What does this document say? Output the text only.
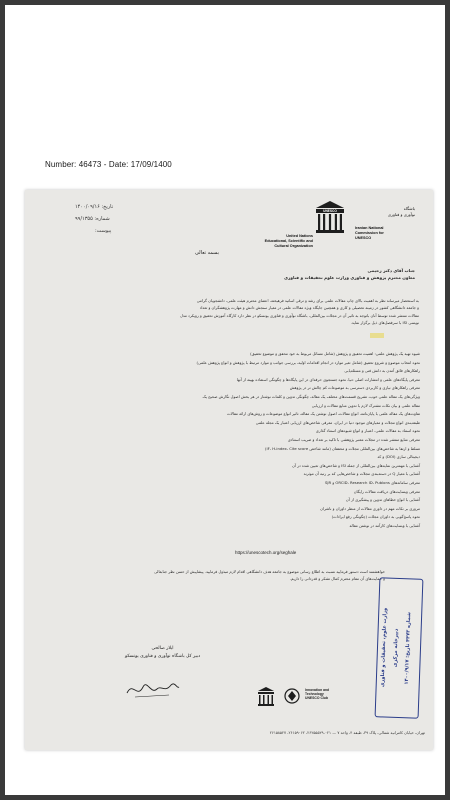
Number: 46473 - Date: 17/09/1400
تاریخ: ۱۴۰۰/۰۹/۱۶
شماره: ۹۹/۱۳۵۵
پیوست:
UNESCO
United Nations
Educational, Scientific and
Cultural Organization
باشگاه
نوآوری و فناوری
Iranian National
Commission for
UNESCO
بسمه تعالی
جناب آقای دکتر رحیمی
معاون محترم پژوهش و فناوری وزارت علوم تحقیقات و فناوری

به استحضار میرساند نظر به اهمیت بالای چاپ مقالات علمی برای رشد و ترقی اساتید فرهیخته، اعضای محترم هیئت علمی، دانشجویان گرامی
و جامعه دانشگاهی کشور در زمینه تحصیلی و کاری و همچنین جایگاه ویژه مقالات علمی در معیار سنجش دانش و مهارت پژوهشگران و تعداد
مقالات منتشر شده توسط آنان باتوجه به تاثیر آن در مجلات بین‌المللی، باشگاه نوآوری و فناوری یونسکو در نظر دارد کارگاه آموزش تحقیق و رویکرد مدل
نویسی ISI با سرفصل‌های ذیل برگزار نماید.

شیوه تهیه یک پژوهش علمی: اهمیت تحقیق و پژوهش (شامل مسائل مربوط به خود محقق و موضوع تحقیق)
نحوه انتخاب موضوع و شروع تحقیق (شامل تعیر موارد در انجام اقدامات اولیه، بررسی جوانب و موارد مرتبط با پژوهش و انواع پژوهش علمی)
راهکارهای فائق آمدن به دانش فنی و مسئله‌یابی
معرفی پایگاه‌های علمی و انتشارات اصلی دنیا، نحوه جستجوی حرفه‌ای در این پایگاه‌ها و چگونگی استفاده بهینه از آنها
معرفی راهکارهای نیازی و کاربردی دسترسی به موضوعات کم چالش تر در پژوهش
ویژگی‌های یک مقاله علمی خوب، تشریح قسمت‌های مختلف یک مقاله، چگونگی تدوین و کلمات نوشتار در هر بخش اصول نگارش صحیح یک
مقاله علمی و بیان نکات مشترک لازم با تدوین منابع مقالات و ارزیابی
تفاوت‌های یک مقاله علمی با پایان‌نامه، انواع مقالات، اصول نوشتن یک مقاله، تاثیر انواع موضوعات و روش‌های ارائه مقالات
طبقه‌بندی انواع مجلات و معیارهای موجود دنیا در ایران، معرفی شاخص‌های ارزیابی اعتبار یک مجله علمی
نحوه استناد به مقالات علمی، اعتبار و انواع شیوه‌های استناد گذاری
معرفی منابع منتشر شده در مجلات معتبر پژوهشی با تاکید بر تعداد و ضریب استنادی
تسلط و ارتقا به شاخص‌های بین‌المللی مجلات و محققان (مانند شاخص IF، H-index، Cite score)
دیجیتالی سازی (DOI) و کد
آشنایی با مهمترین نمایه‌های بین‌المللی از جمله ISI و شاخص‌های تعیین شده در آن
آشنایی با معیار Q در دسته‌بندی مجلات و شاخص‌هایی که بر رتبه آن موثرند
معرفی سامانه‌های ORCID، Research ID، Publons و SJR
معرفی وبسایت‌های دریافت مقالات رایگان
آشنایی با انواع خطاهای تدوین و پیشگیری از آن
مروری بر نکات مهم در داوری مقالات از منظر داوران و ناشران
نحوه پاسخ‌گویی به داوران مجلات (چگونگی رفع ایرادات)
آشنایی با وبسایت‌های کارآمد در نوشتن مقاله
https://unescotech.org/seghale
خواهشمند است دستور فرمایید نسبت به اطلاع رسانی موضوع به جامعه هدف دانشگاهی اقدام لازم مبذول فرمایید. پیشاپیش از حسن نظر جنابعالی
و حمایت‌های آن مقام محترم کمال تشکر و قدردانی را داریم.
ایلار صالحی
دبیر کل باشگاه نوآوری و فناوری یونسکو
Innovation and
Technology
UNESCO Club
وزارت علوم، تحقیقات و فناوری
دبیرخانه مرکزی
شماره ۴۴۷۳ تاریخ: ۱۴۰۰/۹/۱۷
تهران، خیابان کامرانیه شمالی، پلاک ۳۹، طبقه ۴، واحد ۷ — ۰۲۱-۲۶۲۵۵۵۲۹، ۲۶۱۵۹۰۶۲، ۲۶۱۵۸۵۲۷
